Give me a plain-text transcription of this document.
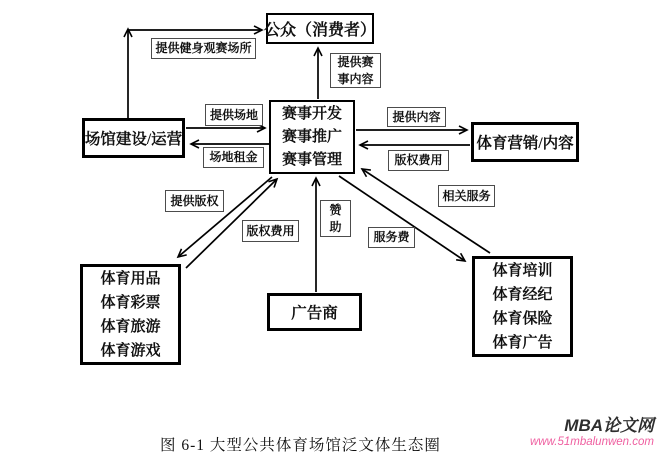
公众（消费者）
赛事开发
赛事推广
赛事管理
场馆建设/运营	体育营销/内容
体育用品
体育彩票
体育旅游
体育游戏
广告商
体育培训
体育经纪
体育保险
体育广告
提供健身观赛场所
提供赛
事内容
提供场地
场地租金
提供内容
版权费用
提供版权
版权费用
赞
助
服务费
相关服务
图 6-1 大型公共体育场馆泛文体生态圈
MBA论文网
www.51mbalunwen.com
